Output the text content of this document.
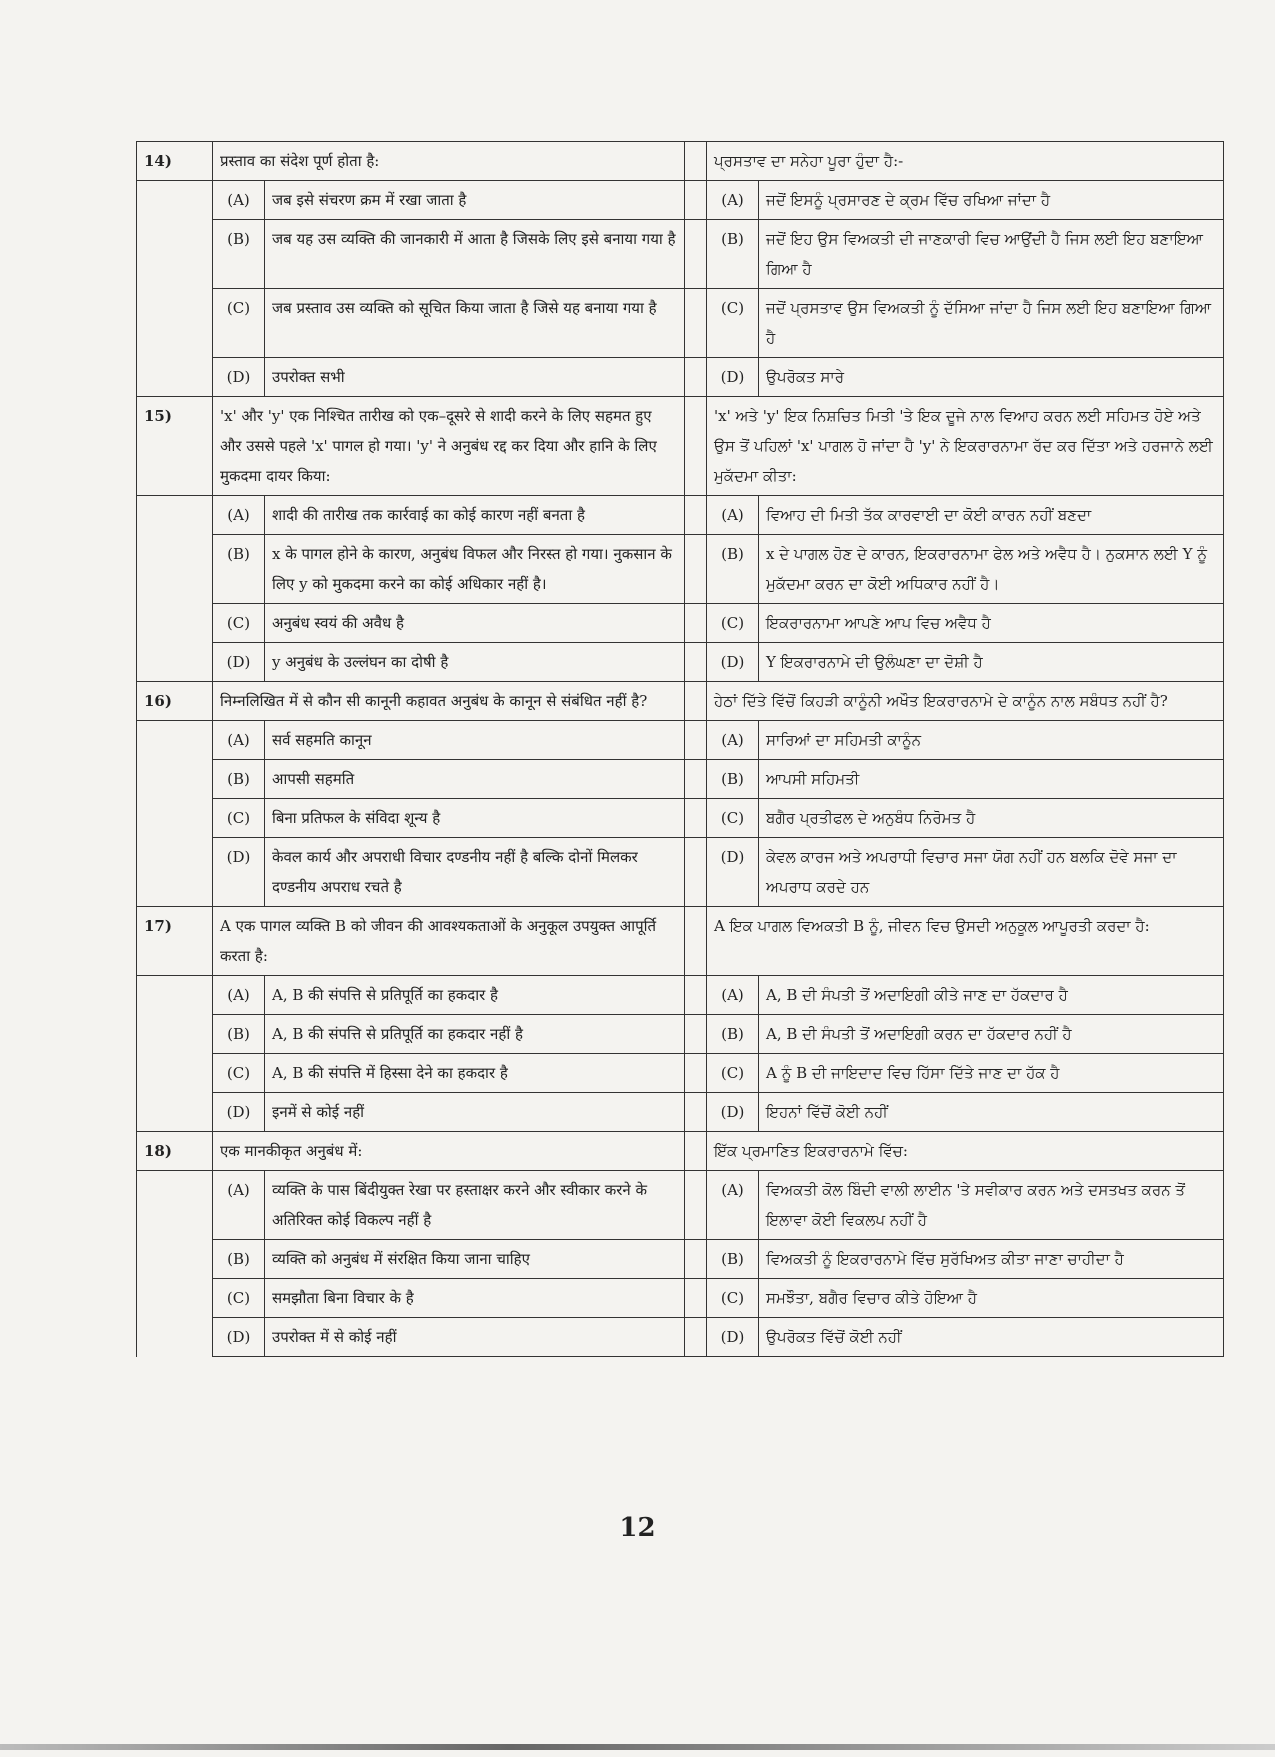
14)	प्रस्ताव का संदेश पूर्ण होता है:			ਪ੍ਰਸਤਾਵ ਦਾ ਸਨੇਹਾ ਪੂਰਾ ਹੁੰਦਾ ਹੈ:-	
	(A)	जब इसे संचरण क्रम में रखा जाता है		(A)	ਜਦੋਂ ਇਸਨੂੰ ਪ੍ਰਸਾਰਣ ਦੇ ਕ੍ਰਮ ਵਿੱਚ ਰਖਿਆ ਜਾਂਦਾ ਹੈ
	(B)	जब यह उस व्यक्ति की जानकारी में आता है जिसके लिए इसे बनाया गया है		(B)	ਜਦੋਂ ਇਹ ਉਸ ਵਿਅਕਤੀ ਦੀ ਜਾਣਕਾਰੀ ਵਿਚ ਆਉਂਦੀ ਹੈ ਜਿਸ ਲਈ ਇਹ ਬਣਾਇਆ ਗਿਆ ਹੈ
	(C)	जब प्रस्ताव उस व्यक्ति को सूचित किया जाता है जिसे यह बनाया गया है		(C)	ਜਦੋਂ ਪ੍ਰਸਤਾਵ ਉਸ ਵਿਅਕਤੀ ਨੂੰ ਦੱਸਿਆ ਜਾਂਦਾ ਹੈ ਜਿਸ ਲਈ ਇਹ ਬਣਾਇਆ ਗਿਆ ਹੈ
	(D)	उपरोक्त सभी		(D)	ਉਪਰੋਕਤ ਸਾਰੇ
15)	'x' और 'y' एक निश्चित तारीख को एक–दूसरे से शादी करने के लिए सहमत हुए और उससे पहले 'x' पागल हो गया। 'y' ने अनुबंध रद्द कर दिया और हानि के लिए मुकदमा दायर किया:			'x' ਅਤੇ 'y' ਇਕ ਨਿਸ਼ਚਿਤ ਮਿਤੀ 'ਤੇ ਇਕ ਦੂਜੇ ਨਾਲ ਵਿਆਹ ਕਰਨ ਲਈ ਸਹਿਮਤ ਹੋਏ ਅਤੇ ਉਸ ਤੋਂ ਪਹਿਲਾਂ 'x' ਪਾਗਲ ਹੋ ਜਾਂਦਾ ਹੈ 'y' ਨੇ ਇਕਰਾਰਨਾਮਾ ਰੱਦ ਕਰ ਦਿੱਤਾ ਅਤੇ ਹਰਜਾਨੇ ਲਈ ਮੁਕੱਦਮਾ ਕੀਤਾ:	
	(A)	शादी की तारीख तक कार्रवाई का कोई कारण नहीं बनता है		(A)	ਵਿਆਹ ਦੀ ਮਿਤੀ ਤੱਕ ਕਾਰਵਾਈ ਦਾ ਕੋਈ ਕਾਰਨ ਨਹੀਂ ਬਣਦਾ
	(B)	x के पागल होने के कारण, अनुबंध विफल और निरस्त हो गया। नुकसान के लिए y को मुकदमा करने का कोई अधिकार नहीं है।		(B)	x ਦੇ ਪਾਗਲ ਹੋਣ ਦੇ ਕਾਰਨ, ਇਕਰਾਰਨਾਮਾ ਫੇਲ ਅਤੇ ਅਵੈਧ ਹੈ। ਨੁਕਸਾਨ ਲਈ Y ਨੂੰ ਮੁਕੱਦਮਾ ਕਰਨ ਦਾ ਕੋਈ ਅਧਿਕਾਰ ਨਹੀਂ ਹੈ।
	(C)	अनुबंध स्वयं की अवैध है		(C)	ਇਕਰਾਰਨਾਮਾ ਆਪਣੇ ਆਪ ਵਿਚ ਅਵੈਧ ਹੈ
	(D)	y अनुबंध के उल्लंघन का दोषी है		(D)	Y ਇਕਰਾਰਨਾਮੇ ਦੀ ਉਲੰਘਣਾ ਦਾ ਦੋਸ਼ੀ ਹੈ
16)	निम्नलिखित में से कौन सी कानूनी कहावत अनुबंध के कानून से संबंधित नहीं है?			ਹੇਠਾਂ ਦਿੱਤੇ ਵਿੱਚੋਂ ਕਿਹੜੀ ਕਾਨੂੰਨੀ ਅਖੌਤ ਇਕਰਾਰਨਾਮੇ ਦੇ ਕਾਨੂੰਨ ਨਾਲ ਸਬੰਧਤ ਨਹੀਂ ਹੈ?	
	(A)	सर्व सहमति कानून		(A)	ਸਾਰਿਆਂ ਦਾ ਸਹਿਮਤੀ ਕਾਨੂੰਨ
	(B)	आपसी सहमति		(B)	ਆਪਸੀ ਸਹਿਮਤੀ
	(C)	बिना प्रतिफल के संविदा शून्य है		(C)	ਬਗੈਰ ਪ੍ਰਤੀਫਲ ਦੇ ਅਨੁਬੰਧ ਨਿਰੋਮਤ ਹੈ
	(D)	केवल कार्य और अपराधी विचार दण्डनीय नहीं है बल्कि दोनों मिलकर दण्डनीय अपराध रचते है		(D)	ਕੇਵਲ ਕਾਰਜ ਅਤੇ ਅਪਰਾਧੀ ਵਿਚਾਰ ਸਜਾ ਯੋਗ ਨਹੀਂ ਹਨ ਬਲਕਿ ਦੋਵੇ ਸਜਾ ਦਾ ਅਪਰਾਧ ਕਰਦੇ ਹਨ
17)	A एक पागल व्यक्ति B को जीवन की आवश्यकताओं के अनुकूल उपयुक्त आपूर्ति करता है:			A ਇਕ ਪਾਗਲ ਵਿਅਕਤੀ B ਨੂੰ, ਜੀਵਨ ਵਿਚ ਉਸਦੀ ਅਨੁਕੂਲ ਆਪੂਰਤੀ ਕਰਦਾ ਹੈ:	
	(A)	A, B की संपत्ति से प्रतिपूर्ति का हकदार है		(A)	A, B ਦੀ ਸੰਪਤੀ ਤੋਂ ਅਦਾਇਗੀ ਕੀਤੇ ਜਾਣ ਦਾ ਹੱਕਦਾਰ ਹੈ
	(B)	A, B की संपत्ति से प्रतिपूर्ति का हकदार नहीं है		(B)	A, B ਦੀ ਸੰਪਤੀ ਤੋਂ ਅਦਾਇਗੀ ਕਰਨ ਦਾ ਹੱਕਦਾਰ ਨਹੀਂ ਹੈ
	(C)	A, B की संपत्ति में हिस्सा देने का हकदार है		(C)	A ਨੂੰ B ਦੀ ਜਾਇਦਾਦ ਵਿਚ ਹਿੱਸਾ ਦਿੱਤੇ ਜਾਣ ਦਾ ਹੱਕ ਹੈ
	(D)	इनमें से कोई नहीं		(D)	ਇਹਨਾਂ ਵਿੱਚੋਂ ਕੋਈ ਨਹੀਂ
18)	एक मानकीकृत अनुबंध में:			ਇੱਕ ਪ੍ਰਮਾਣਿਤ ਇਕਰਾਰਨਾਮੇ ਵਿੱਚ:	
	(A)	व्यक्ति के पास बिंदीयुक्त रेखा पर हस्ताक्षर करने और स्वीकार करने के अतिरिक्त कोई विकल्प नहीं है		(A)	ਵਿਅਕਤੀ ਕੋਲ ਬਿੰਦੀ ਵਾਲੀ ਲਾਈਨ 'ਤੇ ਸਵੀਕਾਰ ਕਰਨ ਅਤੇ ਦਸਤਖਤ ਕਰਨ ਤੋਂ ਇਲਾਵਾ ਕੋਈ ਵਿਕਲਪ ਨਹੀਂ ਹੈ
	(B)	व्यक्ति को अनुबंध में संरक्षित किया जाना चाहिए		(B)	ਵਿਅਕਤੀ ਨੂੰ ਇਕਰਾਰਨਾਮੇ ਵਿੱਚ ਸੁਰੱਖਿਅਤ ਕੀਤਾ ਜਾਣਾ ਚਾਹੀਦਾ ਹੈ
	(C)	समझौता बिना विचार के है		(C)	ਸਮਝੌਤਾ, ਬਗੈਰ ਵਿਚਾਰ ਕੀਤੇ ਹੋਇਆ ਹੈ
	(D)	उपरोक्त में से कोई नहीं		(D)	ਉਪਰੋਕਤ ਵਿੱਚੋਂ ਕੋਈ ਨਹੀਂ
12
